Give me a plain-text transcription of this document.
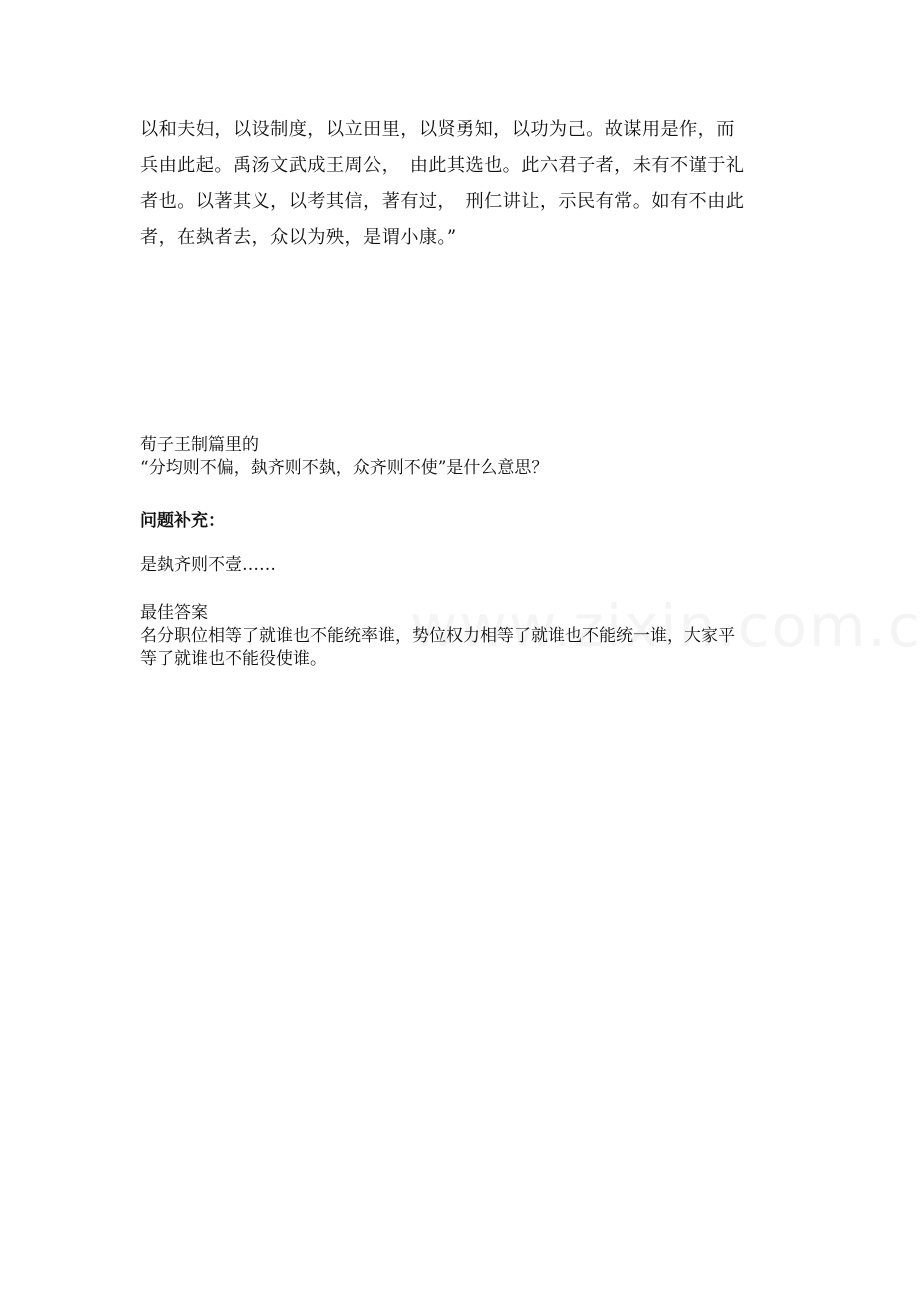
以和夫妇，以设制度，以立田里，以贤勇知，以功为己。故谋用是作，而
兵由此起。禹汤文武成王周公，　由此其选也。此六君子者，未有不谨于礼
者也。以著其义，以考其信，著有过，　刑仁讲让，示民有常。如有不由此
者，在埶者去，众以为殃，是谓小康。”
荀子王制篇里的
“分均则不偏，埶齐则不埶，众齐则不使”是什么意思？
问题补充：
是埶齐则不壹……
最佳答案
名分职位相等了就谁也不能统率谁，势位权力相等了就谁也不能统一谁，大家平
等了就谁也不能役使谁。
